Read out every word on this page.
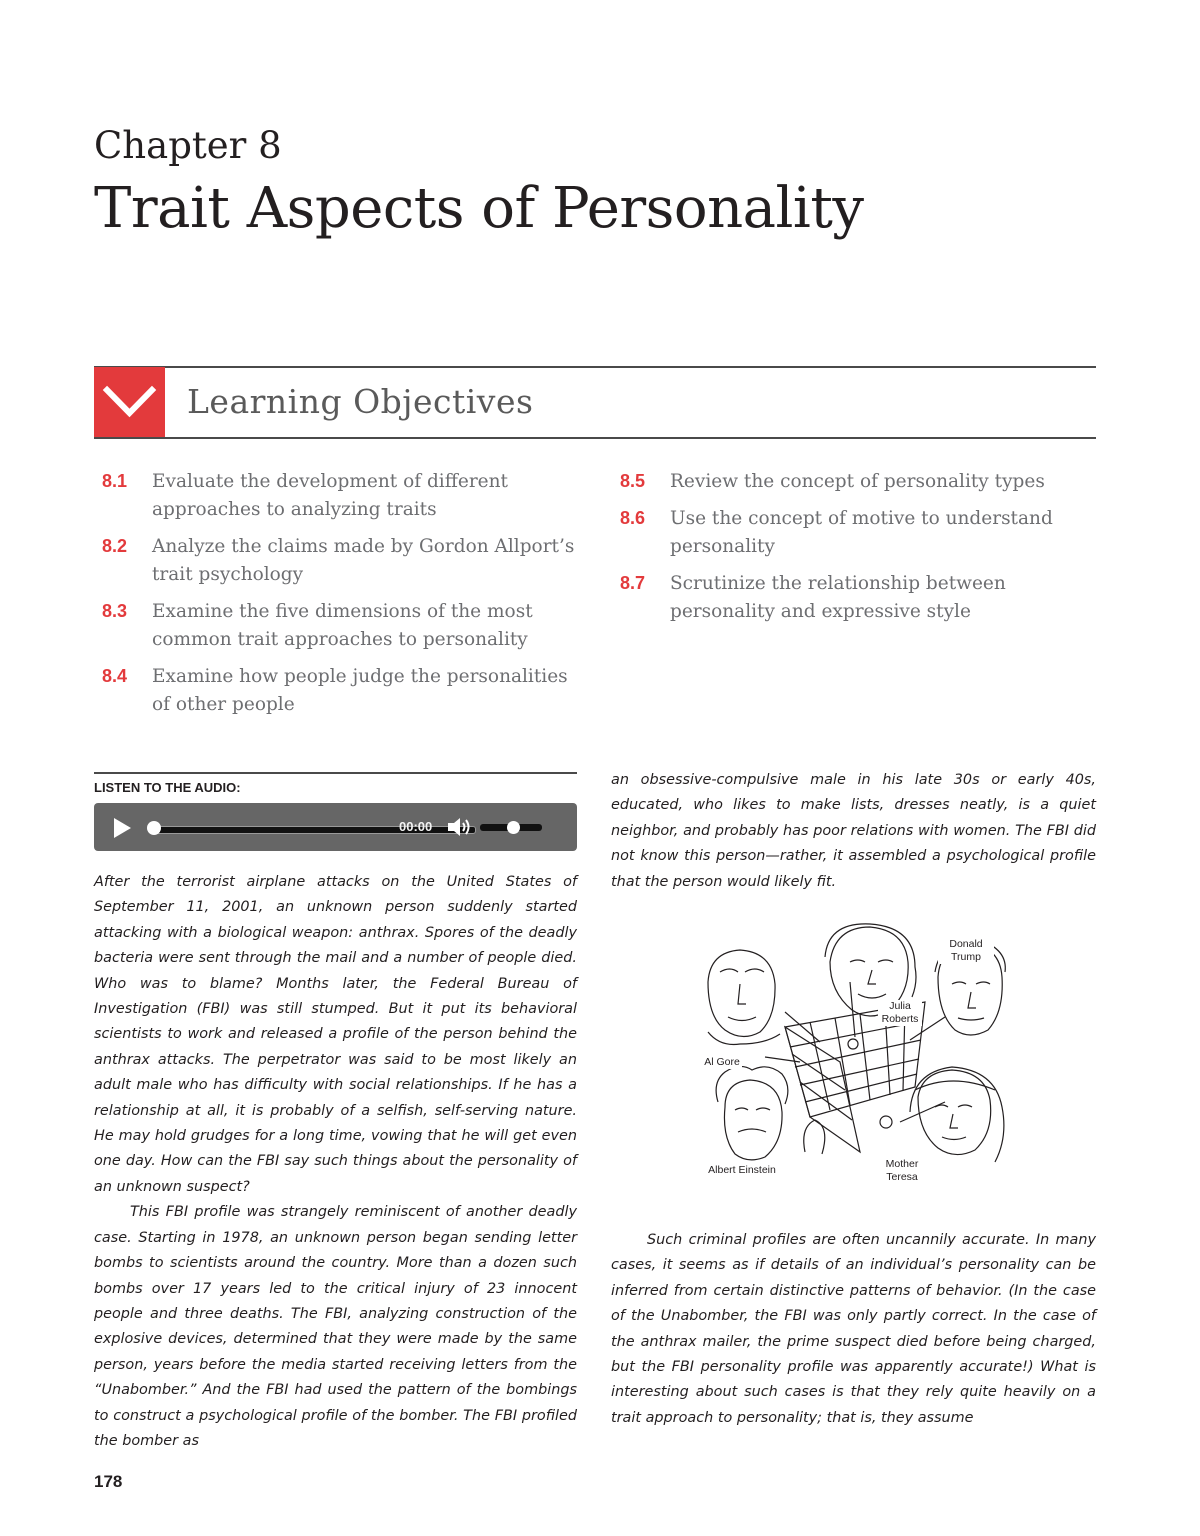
Chapter 8
Trait Aspects of Personality
Learning Objectives
8.1	Evaluate the development of different approaches to analyzing traits
8.2	Analyze the claims made by Gordon Allport’s trait psychology
8.3	Examine the five dimensions of the most common trait approaches to personality
8.4	Examine how people judge the personalities of other people
8.5	Review the concept of personality types
8.6	Use the concept of motive to understand personality
8.7	Scrutinize the relationship between personality and expressive style
LISTEN TO THE AUDIO:
00:00

After the terrorist airplane attacks on the United States of September 11, 2001, an unknown person suddenly started attacking with a biological weapon: anthrax. Spores of the deadly bacteria were sent through the mail and a number of people died. Who was to blame? Months later, the Federal Bureau of Investigation (FBI) was still stumped. But it put its behavioral scientists to work and released a profile of the person behind the anthrax attacks. The perpetrator was said to be most likely an adult male who has difficulty with social relationships. If he has a relationship at all, it is probably of a selfish, self-serving nature. He may hold grudges for a long time, vowing that he will get even one day. How can the FBI say such things about the personality of an unknown suspect?

This FBI profile was strangely reminiscent of another deadly case. Starting in 1978, an unknown person began sending letter bombs to scientists around the country. More than a dozen such bombs over 17 years led to the critical injury of 23 innocent people and three deaths. The FBI, analyzing construction of the explosive devices, determined that they were made by the same person, years before the media started receiving letters from the “Unabomber.” And the FBI had used the pattern of the bombings to construct a psychological profile of the bomber. The FBI profiled the bomber as

an obsessive-compulsive male in his late 30s or early 40s, educated, who likes to make lists, dresses neatly, is a quiet neighbor, and probably has poor relations with women. The FBI did not know this person—rather, it assembled a psychological profile that the person would likely fit.

Donald Trump
Julia Roberts
Al Gore
Albert Einstein	Mother Teresa

Such criminal profiles are often uncannily accurate. In many cases, it seems as if details of an individual’s personality can be inferred from certain distinctive patterns of behavior. (In the case of the Unabomber, the FBI was only partly correct. In the case of the anthrax mailer, the prime suspect died before being charged, but the FBI personality profile was apparently accurate!) What is interesting about such cases is that they rely quite heavily on a trait approach to personality; that is, they assume

178
